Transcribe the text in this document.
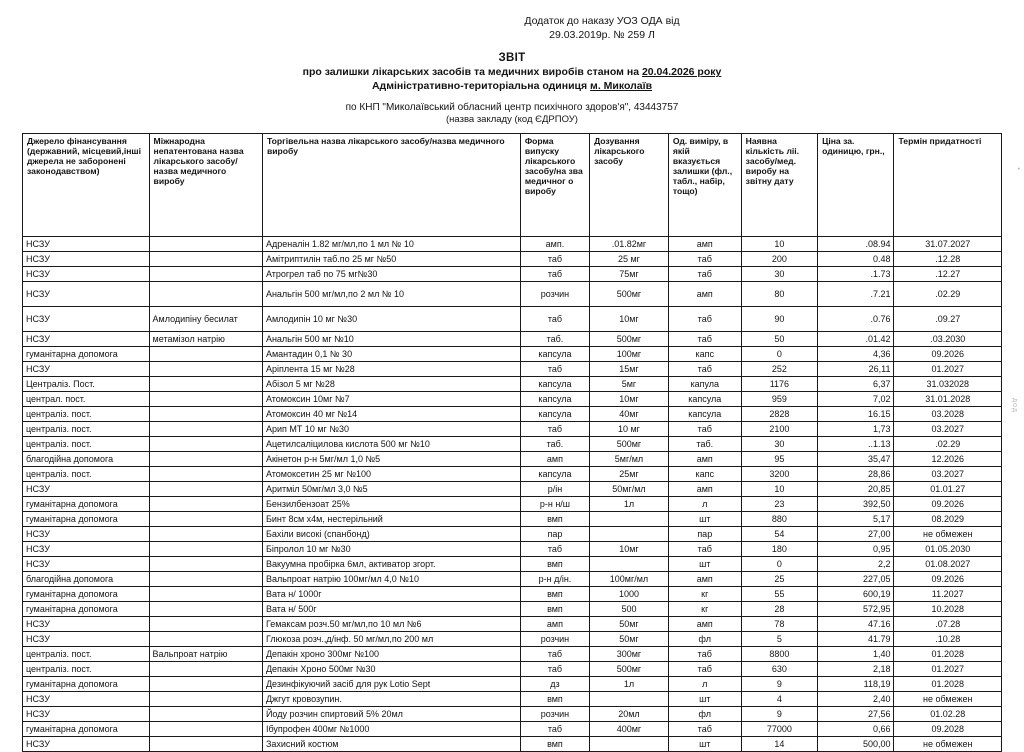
Додаток до наказу УОЗ ОДА від
29.03.2019р. № 259 Л
ЗВІТ
про залишки лікарських засобів та медичних виробів станом на 20.04.2026 року
Адміністративно-територіальна одиниця м. Миколаїв
по КНП "Миколаївський обласний центр психічного здоров'я", 43443757
(назва закладу (код ЄДРПОУ)
Джерело фінансування (державний, місцевий,інші джерела не заборонені законодавством)	Міжнародна непатентована назва лікарського засобу/назва медичного виробу	Торгівельна назва лікарського засобу/назва медичного виробу	Форма випуску лікарського засобу/на зва медичног о виробу	Дозування лікарського засобу	Од. виміру, в якій вказується залишки (фл., табл., набір, тощо)	Наявна кількість ліі. засобу/мед. виробу на звітну дату	Ціна за. одиницю, грн.,	Термін придатності
НСЗУ		Адреналін 1.82 мг/мл,по 1 мл № 10	амп.	.01.82мг	амп	10	.08.94	31.07.2027
НСЗУ		Амітриптилін таб.по 25 мг №50	таб	25 мг	таб	200	0.48	.12.28
НСЗУ		Атрогрел таб по 75 мг№30	таб	75мг	таб	30	.1.73	.12.27
НСЗУ		Анальгін 500 мг/мл,по 2 мл № 10	розчин	500мг	амп	80	.7.21	.02.29
НСЗУ	Амлодипіну бесилат	Амлодипін 10 мг №30	таб	10мг	таб	90	.0.76	.09.27
НСЗУ	метамізол натрію	Анальгін 500 мг №10	таб.	500мг	таб	50	.01.42	.03.2030
гуманітарна допомога		Амантадин 0,1 № 30	капсула	100мг	капс	0	4,36	09.2026
НСЗУ		Аріплента 15 мг №28	таб	15мг	таб	252	26,11	01.2027
Централіз. Пост.		Абізол 5 мг №28	капсула	5мг	капула	1176	6,37	31.032028
централ. пост.		Атомоксин 10мг №7	капсула	10мг	капсула	959	7,02	31.01.2028
централіз. пост.		Атомоксин 40 мг №14	капсула	40мг	капсула	2828	16.15	03.2028
централіз. пост.		Арип МТ 10 мг №30	таб	10 мг	таб	2100	1,73	03.2027
централіз. пост.		Ацетилсаліцилова кислота 500 мг №10	таб.	500мг	таб.	30	..1.13	.02.29
благодійна допомога		Акінетон р-н 5мг/мл 1,0 №5	амп	5мг/мл	амп	95	35,47	12.2026
централіз. пост.		Атомоксетин 25 мг №100	капсула	25мг	капс	3200	28,86	03.2027
НСЗУ		Аритміл 50мг/мл 3,0 №5	р/ін	50мг/мл	амп	10	20,85	01.01.27
гуманітарна допомога		Бензилбензоат 25%	р-н н/ш	1л	л	23	392,50	09.2026
гуманітарна допомога		Бинт 8см х4м, нестерільний	вмп		шт	880	5,17	08.2029
НСЗУ		Бахіли високі (спанбонд)	пар		пар	54	27,00	не обмежен
НСЗУ		Біпролол 10 мг №30	таб	10мг	таб	180	0,95	01.05.2030
НСЗУ		Вакуумна пробірка 6мл, активатор згорт.	вмп		шт	0	2,2	01.08.2027
благодійна допомога		Вальпроат натрію 100мг/мл 4,0 №10	р-н д/ін.	100мг/мл	амп	25	227,05	09.2026
гуманітарна допомога		Вата н/ 1000г	вмп	1000	кг	55	600,19	11.2027
гуманітарна допомога		Вата н/ 500г	вмп	500	кг	28	572,95	10.2028
НСЗУ		Гемаксам розч.50 мг/мл,по 10 мл №6	амп	50мг	амп	78	47.16	.07.28
НСЗУ		Глюкоза розч.,д/інф. 50 мг/мл,по 200 мл	розчин	50мг	фл	5	41.79	.10.28
централіз. пост.	Вальпроат натрію	Депакін хроно 300мг №100	таб	300мг	таб	8800	1,40	01.2028
централіз. пост.		Депакін Хроно 500мг №30	таб	500мг	таб	630	2,18	01.2027
гуманітарна допомога		Дезинфікуючий засіб для рук Lotio Sept	дз	1л	л	9	118,19	01.2028
НСЗУ		Джгут кровозупин.	вмп		шт	4	2,40	не обмежен
НСЗУ		Йоду розчин спиртовий 5% 20мл	розчин	20мл	фл	9	27,56	01.02.28
гуманітарна допомога		Ібупрофен 400мг №1000	таб	400мг	таб	77000	0,66	09.2028
НСЗУ		Захисний костюм	вмп		шт	14	500,00	не обмежен
•
дод
